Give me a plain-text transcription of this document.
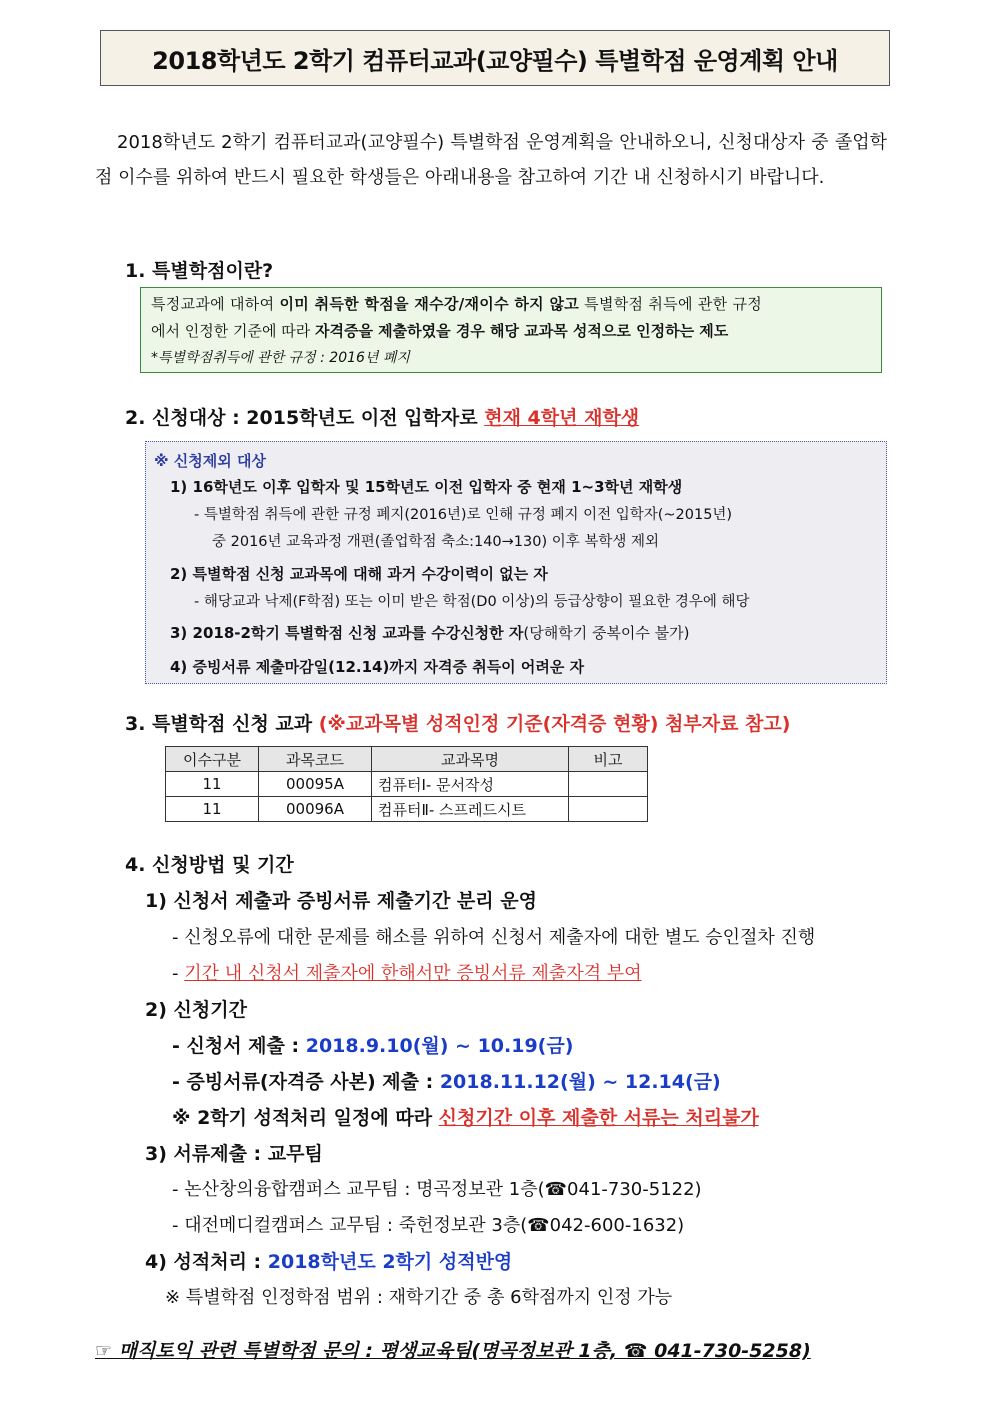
2018학년도 2학기 컴퓨터교과(교양필수) 특별학점 운영계획 안내
2018학년도 2학기 컴퓨터교과(교양필수) 특별학점 운영계획을 안내하오니, 신청대상자 중 졸업학점 이수를 위하여 반드시 필요한 학생들은 아래내용을 참고하여 기간 내 신청하시기 바랍니다.
1. 특별학점이란?
특정교과에 대하여 이미 취득한 학점을 재수강/재이수 하지 않고 특별학점 취득에 관한 규정
에서 인정한 기준에 따라 자격증을 제출하였을 경우 해당 교과목 성적으로 인정하는 제도
*특별학점취득에 관한 규정 : 2016년 폐지
2. 신청대상 : 2015학년도 이전 입학자로 현재 4학년 재학생
※ 신청제외 대상
1) 16학년도 이후 입학자 및 15학년도 이전 입학자 중 현재 1~3학년 재학생
- 특별학점 취득에 관한 규정 폐지(2016년)로 인해 규정 폐지 이전 입학자(~2015년)
중 2016년 교육과정 개편(졸업학점 축소:140→130) 이후 복학생 제외
2) 특별학점 신청 교과목에 대해 과거 수강이력이 없는 자
- 해당교과 낙제(F학점) 또는 이미 받은 학점(D0 이상)의 등급상향이 필요한 경우에 해당
3) 2018-2학기 특별학점 신청 교과를 수강신청한 자(당해학기 중복이수 불가)
4) 증빙서류 제출마감일(12.14)까지 자격증 취득이 어려운 자
3. 특별학점 신청 교과 (※교과목별 성적인정 기준(자격증 현황) 첨부자료 참고)
이수구분	과목코드	교과목명	비고
11	00095A	컴퓨터Ⅰ- 문서작성	
11	00096A	컴퓨터Ⅱ- 스프레드시트	
4. 신청방법 및 기간
1) 신청서 제출과 증빙서류 제출기간 분리 운영
- 신청오류에 대한 문제를 해소를 위하여 신청서 제출자에 대한 별도 승인절차 진행
- 기간 내 신청서 제출자에 한해서만 증빙서류 제출자격 부여
2) 신청기간
- 신청서 제출 : 2018.9.10(월) ~ 10.19(금)
- 증빙서류(자격증 사본) 제출 : 2018.11.12(월) ~ 12.14(금)
※ 2학기 성적처리 일정에 따라 신청기간 이후 제출한 서류는 처리불가
3) 서류제출 : 교무팀
- 논산창의융합캠퍼스 교무팀 : 명곡정보관 1층(☎041-730-5122)
- 대전메디컬캠퍼스 교무팀 : 죽헌정보관 3층(☎042-600-1632)
4) 성적처리 : 2018학년도 2학기 성적반영
※ 특별학점 인정학점 범위 : 재학기간 중 총 6학점까지 인정 가능
☞ 매직토익 관련 특별학점 문의 : 평생교육팀(명곡정보관 1층, ☎ 041-730-5258)
